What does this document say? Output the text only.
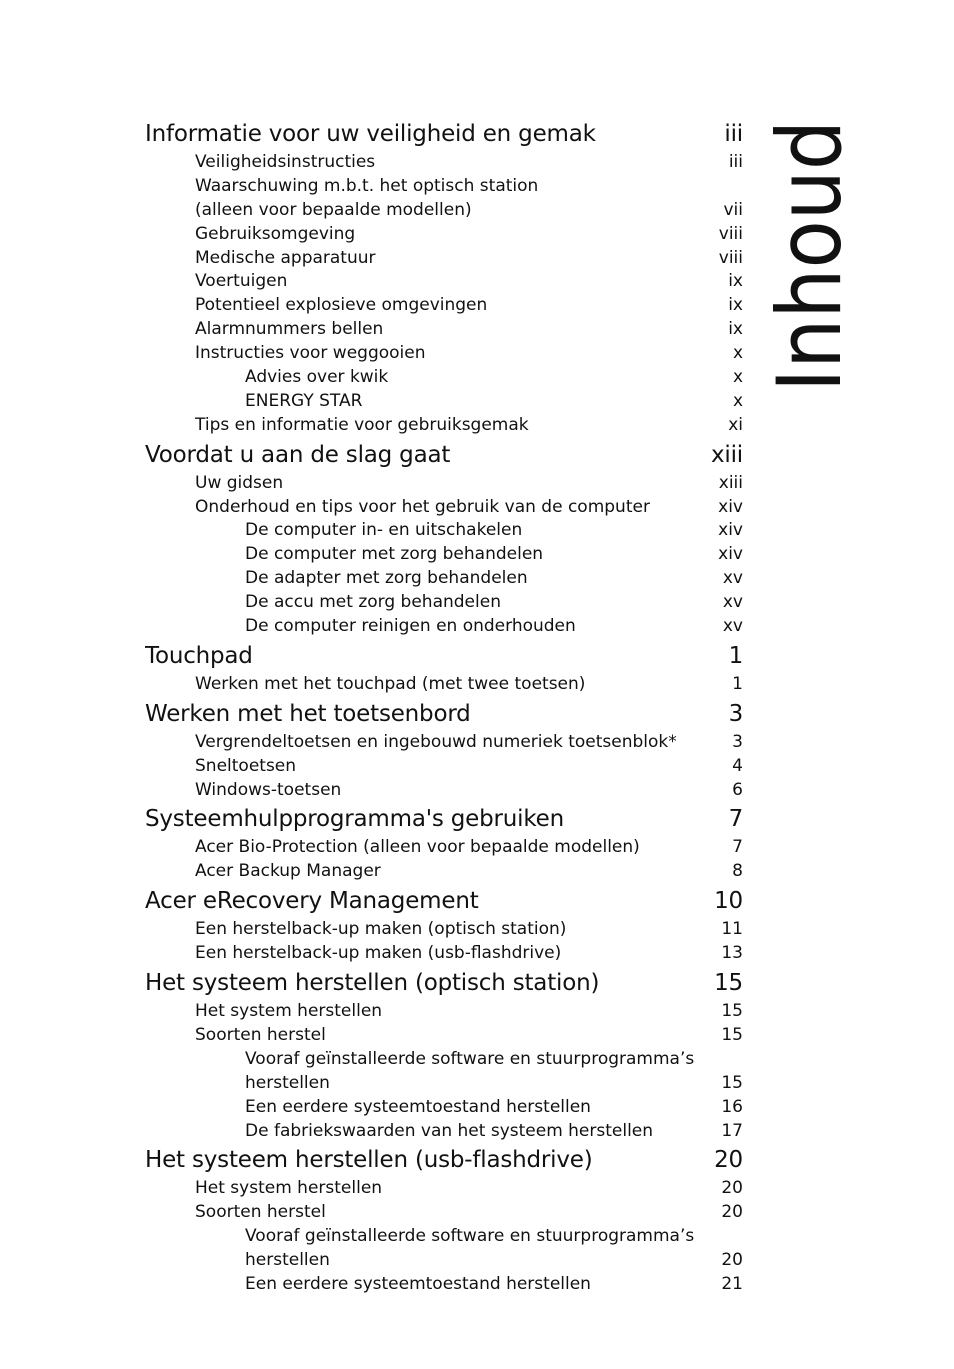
Informatie voor uw veiligheid en gemak	iii
Veiligheidsinstructies	iii
Waarschuwing m.b.t. het optisch station
(alleen voor bepaalde modellen)	vii
Gebruiksomgeving	viii
Medische apparatuur	viii
Voertuigen	ix
Potentieel explosieve omgevingen	ix
Alarmnummers bellen	ix
Instructies voor weggooien	x
Advies over kwik	x
ENERGY STAR	x
Tips en informatie voor gebruiksgemak	xi
Voordat u aan de slag gaat	xiii
Uw gidsen	xiii
Onderhoud en tips voor het gebruik van de computer	xiv
De computer in- en uitschakelen	xiv
De computer met zorg behandelen	xiv
De adapter met zorg behandelen	xv
De accu met zorg behandelen	xv
De computer reinigen en onderhouden	xv
Touchpad	1
Werken met het touchpad (met twee toetsen)	1
Werken met het toetsenbord	3
Vergrendeltoetsen en ingebouwd numeriek toetsenblok*	3
Sneltoetsen	4
Windows-toetsen	6
Systeemhulpprogramma's gebruiken	7
Acer Bio-Protection (alleen voor bepaalde modellen)	7
Acer Backup Manager	8
Acer eRecovery Management	10
Een herstelback-up maken (optisch station)	11
Een herstelback-up maken (usb-flashdrive)	13
Het systeem herstellen (optisch station)	15
Het system herstellen	15
Soorten herstel	15
Vooraf geïnstalleerde software en stuurprogramma’s
herstellen	15
Een eerdere systeemtoestand herstellen	16
De fabriekswaarden van het systeem herstellen	17
Het systeem herstellen (usb-flashdrive)	20
Het system herstellen	20
Soorten herstel	20
Vooraf geïnstalleerde software en stuurprogramma’s
herstellen	20
Een eerdere systeemtoestand herstellen	21
Inhoud
